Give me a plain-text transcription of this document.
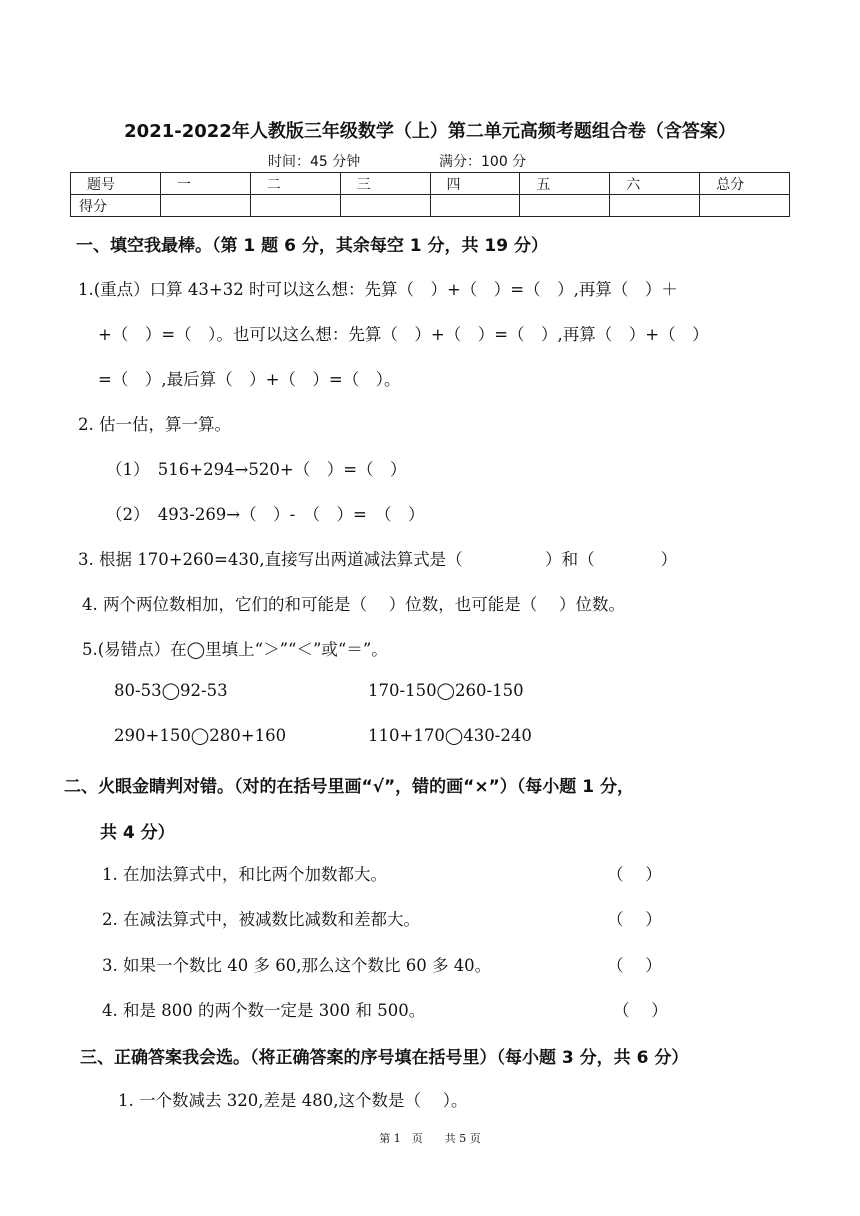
2021-2022年人教版三年级数学（上）第二单元高频考题组合卷（含答案）
时间：45 分钟	满分：100 分
题号	一	二	三	四	五	六	总分
得分							
一、填空我最棒。（第 1 题 6 分，其余每空 1 分，共 19 分）
1.(重点）口算 43+32 时可以这么想：先算（　）+（　）=（　）,再算（　）＋
+（　）=（　）。也可以这么想：先算（　）+（　）=（　）,再算（　）+（　）
=（　）,最后算（　）+（　）=（　）。
2. 估一估，算一算。
（1）　516+294→520+（　）=（　）
（2）　493-269→（　）-　（　）=　（　）
3. 根据 170+260=430,直接写出两道减法算式是（　　　　　）和（　　　　）
4. 两个两位数相加，它们的和可能是（　 ）位数，也可能是（　 ）位数。
5.(易错点）在◯里填上“＞”“＜”或“＝”。
80-53◯92-53	170-150◯260-150
290+150◯280+160	110+170◯430-240
二、火眼金睛判对错。（对的在括号里画“√”，错的画“×”）（每小题 1 分，
共 4 分）
1. 在加法算式中，和比两个加数都大。	（　 ）
2. 在减法算式中，被减数比减数和差都大。	（　 ）
3. 如果一个数比 40 多 60,那么这个数比 60 多 40。	（　 ）
4. 和是 800 的两个数一定是 300 和 500。	（　 ）
三、正确答案我会选。（将正确答案的序号填在括号里）（每小题 3 分，共 6 分）
1. 一个数减去 320,差是 480,这个数是（　 ）。
第 1　页　　共 5 页
